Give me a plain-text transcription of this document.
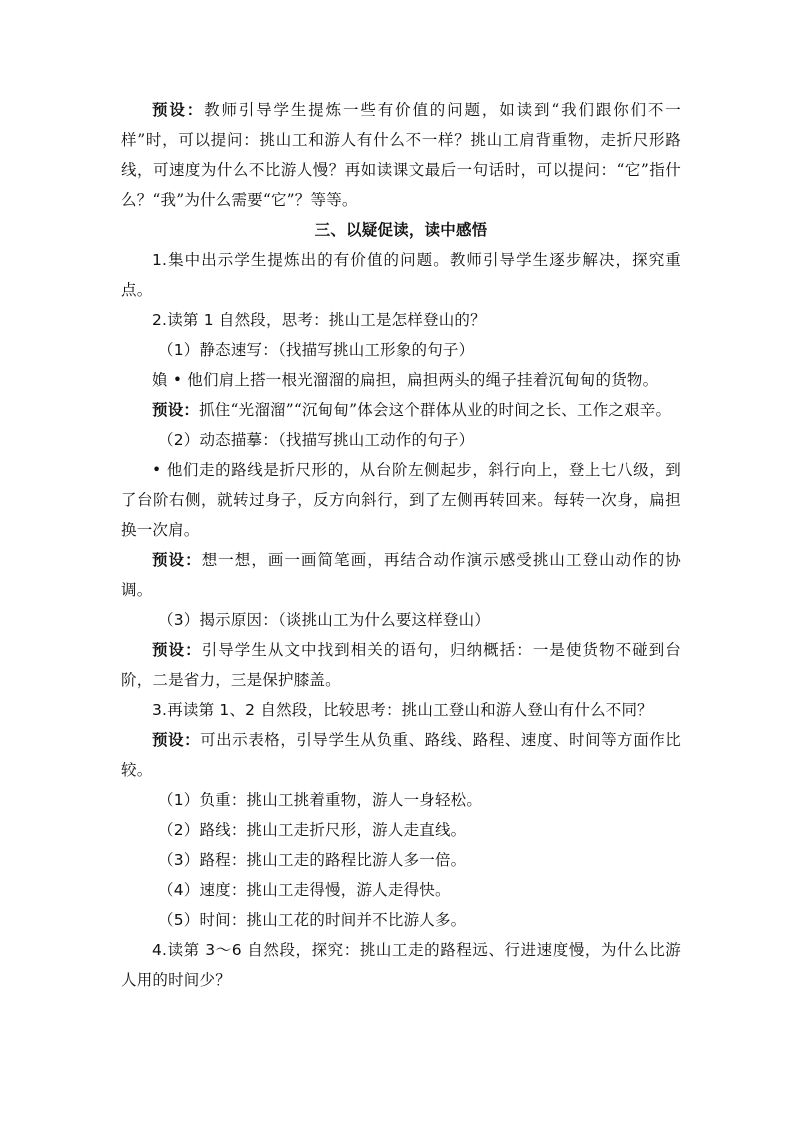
预设：教师引导学生提炼一些有价值的问题，如读到“我们跟你们不一样”时，可以提问：挑山工和游人有什么不一样？挑山工肩背重物，走折尺形路线，可速度为什么不比游人慢？再如读课文最后一句话时，可以提问：“它”指什么？“我”为什么需要“它”？等等。

三、以疑促读，读中感悟

1.集中出示学生提炼出的有价值的问题。教师引导学生逐步解决，探究重点。

2.读第 1 自然段，思考：挑山工是怎样登山的？

（1）静态速写：（找描写挑山工形象的句子）

媍 • 他们肩上搭一根光溜溜的扁担，扁担两头的绳子挂着沉甸甸的货物。

预设：抓住“光溜溜”“沉甸甸”体会这个群体从业的时间之长、工作之艰辛。

（2）动态描摹：（找描写挑山工动作的句子）

• 他们走的路线是折尺形的，从台阶左侧起步，斜行向上，登上七八级，到了台阶右侧，就转过身子，反方向斜行，到了左侧再转回来。每转一次身，扁担换一次肩。

预设：想一想，画一画简笔画，再结合动作演示感受挑山工登山动作的协调。

（3）揭示原因：（谈挑山工为什么要这样登山）

预设：引导学生从文中找到相关的语句，归纳概括：一是使货物不碰到台阶，二是省力，三是保护膝盖。

3.再读第 1、2 自然段，比较思考：挑山工登山和游人登山有什么不同？

预设：可出示表格，引导学生从负重、路线、路程、速度、时间等方面作比较。

（1）负重：挑山工挑着重物，游人一身轻松。

（2）路线：挑山工走折尺形，游人走直线。

（3）路程：挑山工走的路程比游人多一倍。

（4）速度：挑山工走得慢，游人走得快。

（5）时间：挑山工花的时间并不比游人多。

4.读第 3～6 自然段，探究：挑山工走的路程远、行进速度慢，为什么比游人用的时间少？
